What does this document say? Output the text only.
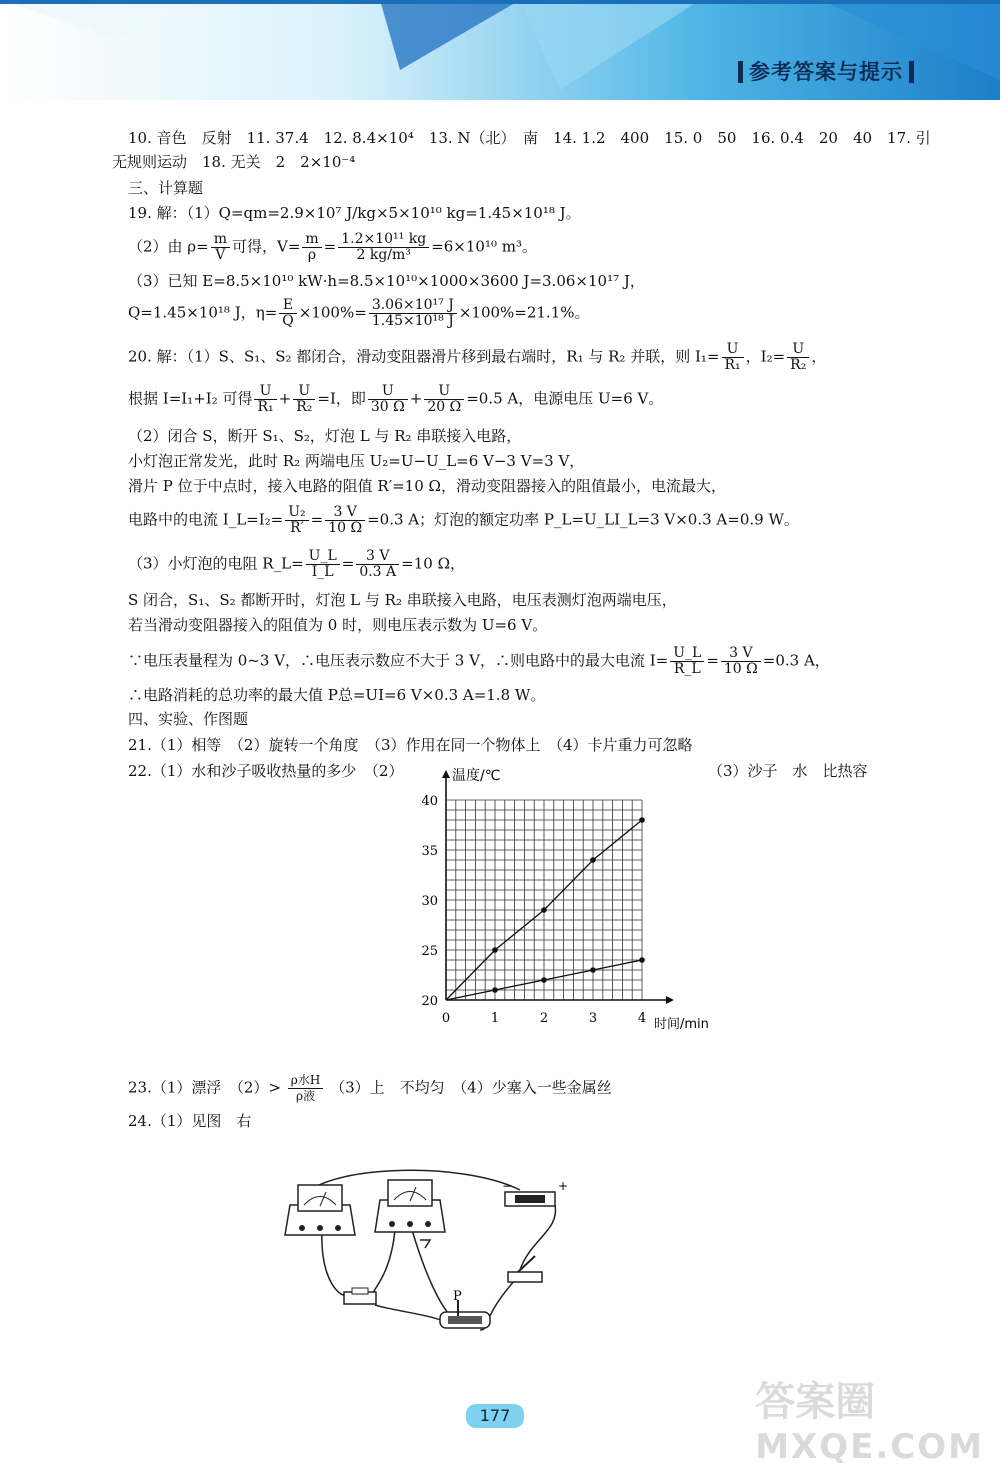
参考答案与提示
10. 音色　反射　11. 37.4　12. 8.4×10⁴　13. N（北）　南　14. 1.2　400　15. 0　50　16. 0.4　20　40　17. 引
无规则运动　18. 无关　2　2×10⁻⁴
三、计算题
19. 解：（1）Q=qm=2.9×10⁷ J/kg×5×10¹⁰ kg=1.45×10¹⁸ J。
（2）由 $\rho= \frac{m}{V}$ 可得，$V= \frac{m}{\rho} = \frac{\text{1.2×10¹¹ kg}}{\text{2 kg/m³}} =6\times 10^{10}$ m³。
（3）已知 E=8.5×10¹⁰ kW·h=8.5×10¹⁰×1000×3600 J=3.06×10¹⁷ J，
Q=1.45×10¹⁸ J，$\eta= \frac{E}{Q} \times 100\%= \frac{\text{3.06×10¹⁷ J}}{\text{1.45×10¹⁸ J}} \times 100\%=21.1\%$。
20. 解：（1）S、S₁、S₂ 都闭合，滑动变阻器滑片移到最右端时，R₁ 与 R₂ 并联，则 $I_1= \frac{U}{\text{R₁}}$ ，$I_2= \frac{U}{\text{R₂}}$ ，
根据 I=I₁+I₂ 可得 $\frac{U}{\text{R₁}} + \frac{U}{\text{R₂}} =I$，即 $\frac{U}{30 \Omega} + \frac{U}{20 \Omega} =0.5$ A，电源电压 U=6 V。
（2）闭合 S，断开 S₁、S₂，灯泡 L 与 R₂ 串联接入电路，
小灯泡正常发光，此时 R₂ 两端电压 U₂=U−U_L=6 V−3 V=3 V，
滑片 P 位于中点时，接入电路的阻值 R′=10 Ω，滑动变阻器接入的阻值最小，电流最大，
电路中的电流 I_L=I₂= $\frac{\text{U₂}}{R'} = \frac{3 V}{10 \Omega} =0.3$ A；灯泡的额定功率 P_L=U_LI_L=3 V×0.3 A=0.9 W。
（3）小灯泡的电阻 R_L= $\frac{U\_L}{I\_L} = \frac{3 V}{0.3 A} =10$ Ω，
S 闭合，S₁、S₂ 都断开时，灯泡 L 与 R₂ 串联接入电路，电压表测灯泡两端电压，
若当滑动变阻器接入的阻值为 0 时，则电压表示数为 U=6 V。
∵电压表量程为 0~3 V，∴电压表示数应不大于 3 V，∴则电路中的最大电流 $I= \frac{U\_L}{R\_L} = \frac{3 V}{10 \Omega} =0.3$ A，
∴电路消耗的总功率的最大值 P总=UI=6 V×0.3 A=1.8 W。
四、实验、作图题
21.（1）相等　（2）旋转一个角度　（3）作用在同一个物体上　（4）卡片重力可忽略
22.（1）水和沙子吸收热量的多少　（2）	（3）沙子　水　比热容
0	1	2	3	4
20
25
30
35
40
时间/min
温度/℃
23.（1）漂浮　$(2)> \frac{\text{ρ水H}}{\text{ρ液}} (3)$上　不均匀　（4）少塞入一些金属丝
24.（1）见图　右
−	+
P
177	答案圈
MXQE.COM
